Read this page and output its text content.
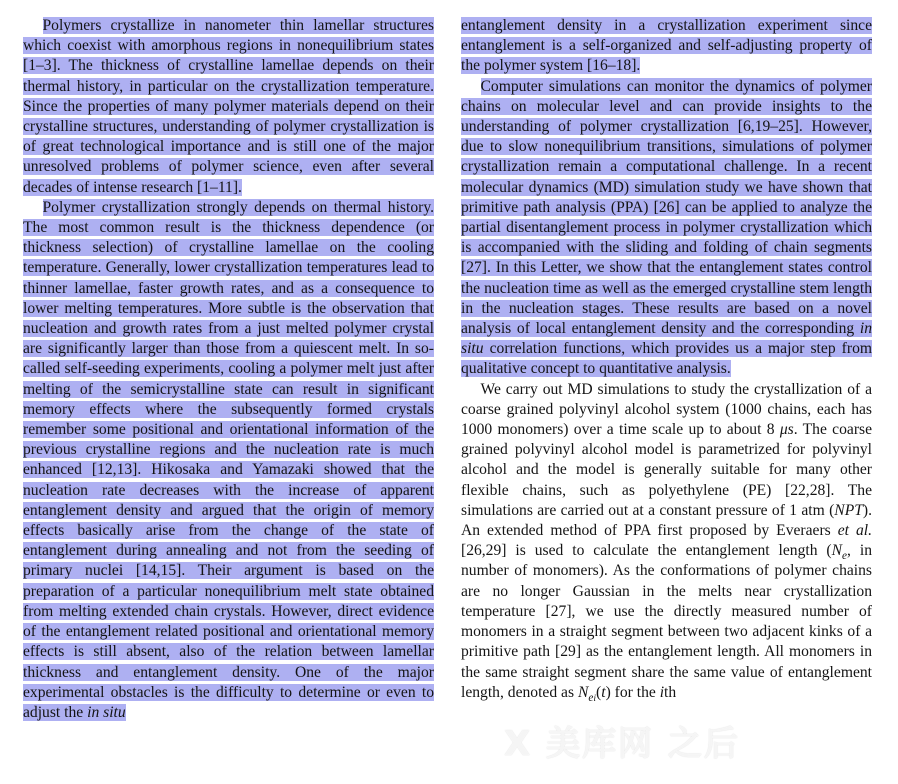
Polymers crystallize in nanometer thin lamellar structures which coexist with amorphous regions in nonequilibrium states [1–3]. The thickness of crystalline lamellae depends on their thermal history, in particular on the crystallization temperature. Since the properties of many polymer materials depend on their crystalline structures, understanding of polymer crystallization is of great technological importance and is still one of the major unresolved problems of polymer science, even after several decades of intense research [1–11].

Polymer crystallization strongly depends on thermal history. The most common result is the thickness dependence (or thickness selection) of crystalline lamellae on the cooling temperature. Generally, lower crystallization temperatures lead to thinner lamellae, faster growth rates, and as a consequence to lower melting temperatures. More subtle is the observation that nucleation and growth rates from a just melted polymer crystal are significantly larger than those from a quiescent melt. In so-called self-seeding experiments, cooling a polymer melt just after melting of the semicrystalline state can result in significant memory effects where the subsequently formed crystals remember some positional and orientational information of the previous crystalline regions and the nucleation rate is much enhanced [12,13]. Hikosaka and Yamazaki showed that the nucleation rate decreases with the increase of apparent entanglement density and argued that the origin of memory effects basically arise from the change of the state of entanglement during annealing and not from the seeding of primary nuclei [14,15]. Their argument is based on the preparation of a particular nonequilibrium melt state obtained from melting extended chain crystals. However, direct evidence of the entanglement related positional and orientational memory effects is still absent, also of the relation between lamellar thickness and entanglement density. One of the major experimental obstacles is the difficulty to determine or even to adjust the in situ

entanglement density in a crystallization experiment since entanglement is a self-organized and self-adjusting property of the polymer system [16–18].

Computer simulations can monitor the dynamics of polymer chains on molecular level and can provide insights to the understanding of polymer crystallization [6,19–25]. However, due to slow nonequilibrium transitions, simulations of polymer crystallization remain a computational challenge. In a recent molecular dynamics (MD) simulation study we have shown that primitive path analysis (PPA) [26] can be applied to analyze the partial disentanglement process in polymer crystallization which is accompanied with the sliding and folding of chain segments [27]. In this Letter, we show that the entanglement states control the nucleation time as well as the emerged crystalline stem length in the nucleation stages. These results are based on a novel analysis of local entanglement density and the corresponding in situ correlation functions, which provides us a major step from qualitative concept to quantitative analysis.

We carry out MD simulations to study the crystallization of a coarse grained polyvinyl alcohol system (1000 chains, each has 1000 monomers) over a time scale up to about 8 μs. The coarse grained polyvinyl alcohol model is parametrized for polyvinyl alcohol and the model is generally suitable for many other flexible chains, such as polyethylene (PE) [22,28]. The simulations are carried out at a constant pressure of 1 atm (NPT). An extended method of PPA first proposed by Everaers et al. [26,29] is used to calculate the entanglement length ($N_e$, in number of monomers). As the conformations of polymer chains are no longer Gaussian in the melts near crystallization temperature [27], we use the directly measured number of monomers in a straight segment between two adjacent kinks of a primitive path [29] as the entanglement length. All monomers in the same straight segment share the same value of entanglement length, denoted as $N_{ei}(t)$ for the ith

X 美库网 之后
